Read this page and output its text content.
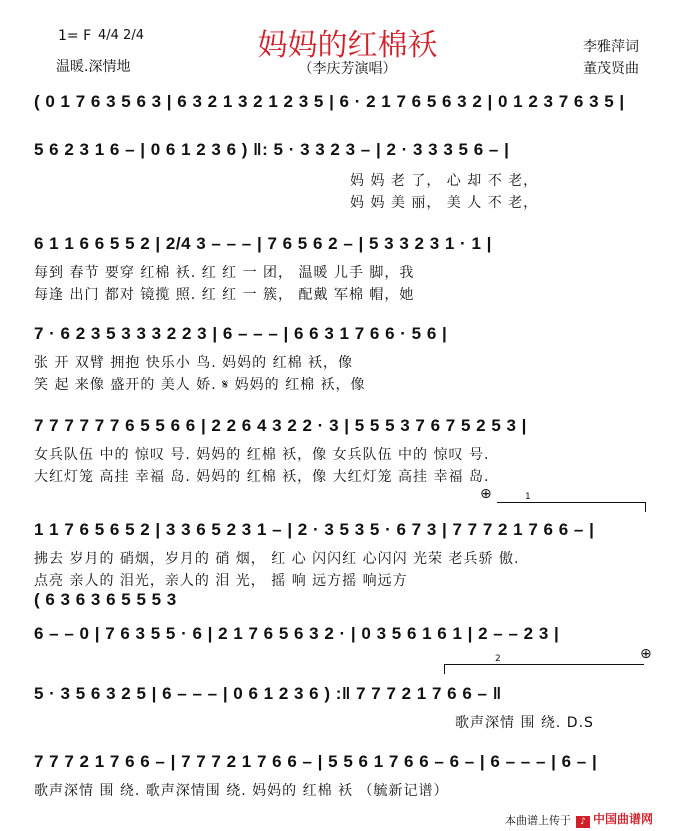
1= F 4/4 2/4
温暖.深情地
妈妈的红棉袄
（李庆芳演唱）
李雅萍词
董茂贤曲
( 0 1 7 6 3 5 6 3 | 6 3 2 1 3 2 1 2 3 5 | 6 · 2 1 7 6 5 6 3 2 | 0 1 2 3 7 6 3 5 |
5 6 2 3 1 6 – | 0 6 1 2 3 6 ) ‖: 5 · 3 3 2 3 – | 2 · 3 3 3 5 6 – |
妈 妈 老 了， 心 却 不 老，
妈 妈 美 丽， 美 人 不 老，
6 1 1 6 6 5 5 2 | 2/4 3 – – – | 7 6 5 6 2 – | 5 3 3 2 3 1 · 1 |
每到 春节 要穿 红棉 袄. 红 红 一 团， 温暖 儿手 脚，我
每逢 出门 都对 镜揽 照. 红 红 一 簇， 配戴 军棉 帽，她
7 · 6 2 3 5 3 3 3 2 2 3 | 6 – – – | 6 6 3 1 7 6 6 · 5 6 |
张 开 双臂 拥抱 快乐小 鸟. 妈妈的 红棉 袄，像
笑 起 来像 盛开的 美人 娇. 𝄋 妈妈的 红棉 袄，像
7 7 7 7 7 7 6 5 5 6 6 | 2 2 6 4 3 2 2 · 3 | 5 5 5 3 7 6 7 5 2 5 3 |
女兵队伍 中的 惊叹 号. 妈妈的 红棉 袄，像 女兵队伍 中的 惊叹 号.
大红灯笼 高挂 幸福 岛. 妈妈的 红棉 袄，像 大红灯笼 高挂 幸福 岛.
⊕	1
1 1 7 6 5 6 5 2 | 3 3 6 5 2 3 1 – | 2 · 3 5 3 5 · 6 7 3 | 7 7 7 2 1 7 6 6 – |
拂去 岁月的 硝烟，岁月的 硝 烟， 红 心 闪闪红 心闪闪 光荣 老兵骄 傲.
点亮 亲人的 泪光，亲人的 泪 光， 摇 响 远方摇 响远方
( 6 3 6 3 6 5 5 5 3
6 – – 0 | 7 6 3 5 5 · 6 | 2 1 7 6 5 6 3 2 · | 0 3 5 6 1 6 1 | 2 – – 2 3 |
2	⊕
5 · 3 5 6 3 2 5 | 6 – – – | 0 6 1 2 3 6 ) :‖ 7 7 7 2 1 7 6 6 – ‖
歌声深情 围 绕. D.S
7 7 7 2 1 7 6 6 – | 7 7 7 2 1 7 6 6 – | 5 5 6 1 7 6 6 – 6 – | 6 – – – | 6 – |
歌声深情 围 绕. 歌声深情围 绕. 妈妈的 红棉 袄 （毓新记谱）
本曲谱上传于	♪ 中国曲谱网
